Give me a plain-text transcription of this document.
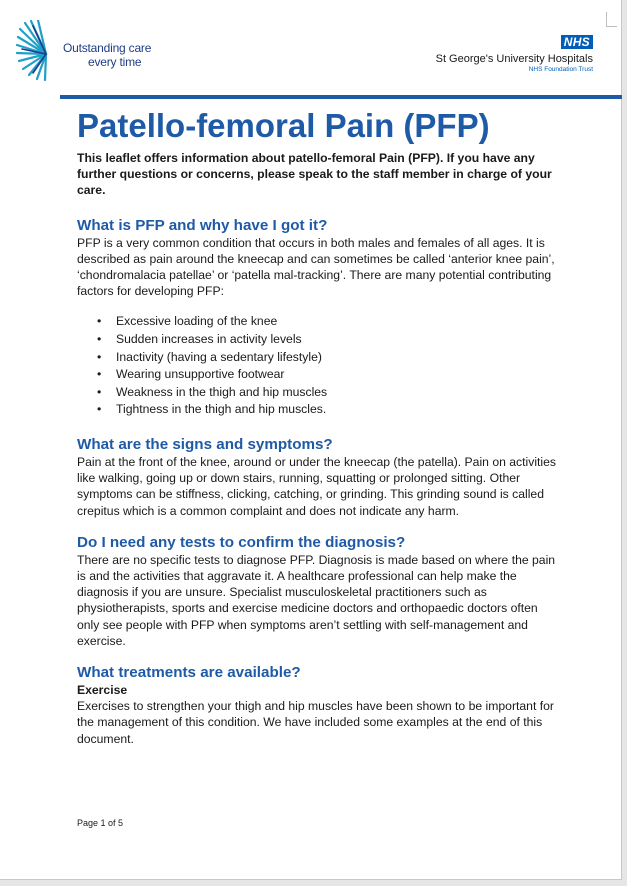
Outstanding care
every time
NHS
St George's University Hospitals
NHS Foundation Trust
Patello-femoral Pain (PFP)

This leaflet offers information about patello-femoral Pain (PFP). If you have any further questions or concerns, please speak to the staff member in charge of your care.

What is PFP and why have I got it?

PFP is a very common condition that occurs in both males and females of all ages. It is described as pain around the kneecap and can sometimes be called ‘anterior knee pain’, ‘chondromalacia patellae’ or ‘patella mal-tracking’. There are many potential contributing factors for developing PFP:

• Excessive loading of the knee
• Sudden increases in activity levels
• Inactivity (having a sedentary lifestyle)
• Wearing unsupportive footwear
• Weakness in the thigh and hip muscles
• Tightness in the thigh and hip muscles.
What are the signs and symptoms?

Pain at the front of the knee, around or under the kneecap (the patella). Pain on activities like walking, going up or down stairs, running, squatting or prolonged sitting. Other symptoms can be stiffness, clicking, catching, or grinding. This grinding sound is called crepitus which is a common complaint and does not indicate any harm.

Do I need any tests to confirm the diagnosis?

There are no specific tests to diagnose PFP. Diagnosis is made based on where the pain is and the activities that aggravate it. A healthcare professional can help make the diagnosis if you are unsure. Specialist musculoskeletal practitioners such as physiotherapists, sports and exercise medicine doctors and orthopaedic doctors often only see people with PFP when symptoms aren’t settling with self-management and exercise.

What treatments are available?

Exercise

Exercises to strengthen your thigh and hip muscles have been shown to be important for the management of this condition. We have included some examples at the end of this document.

Page 1 of 5
